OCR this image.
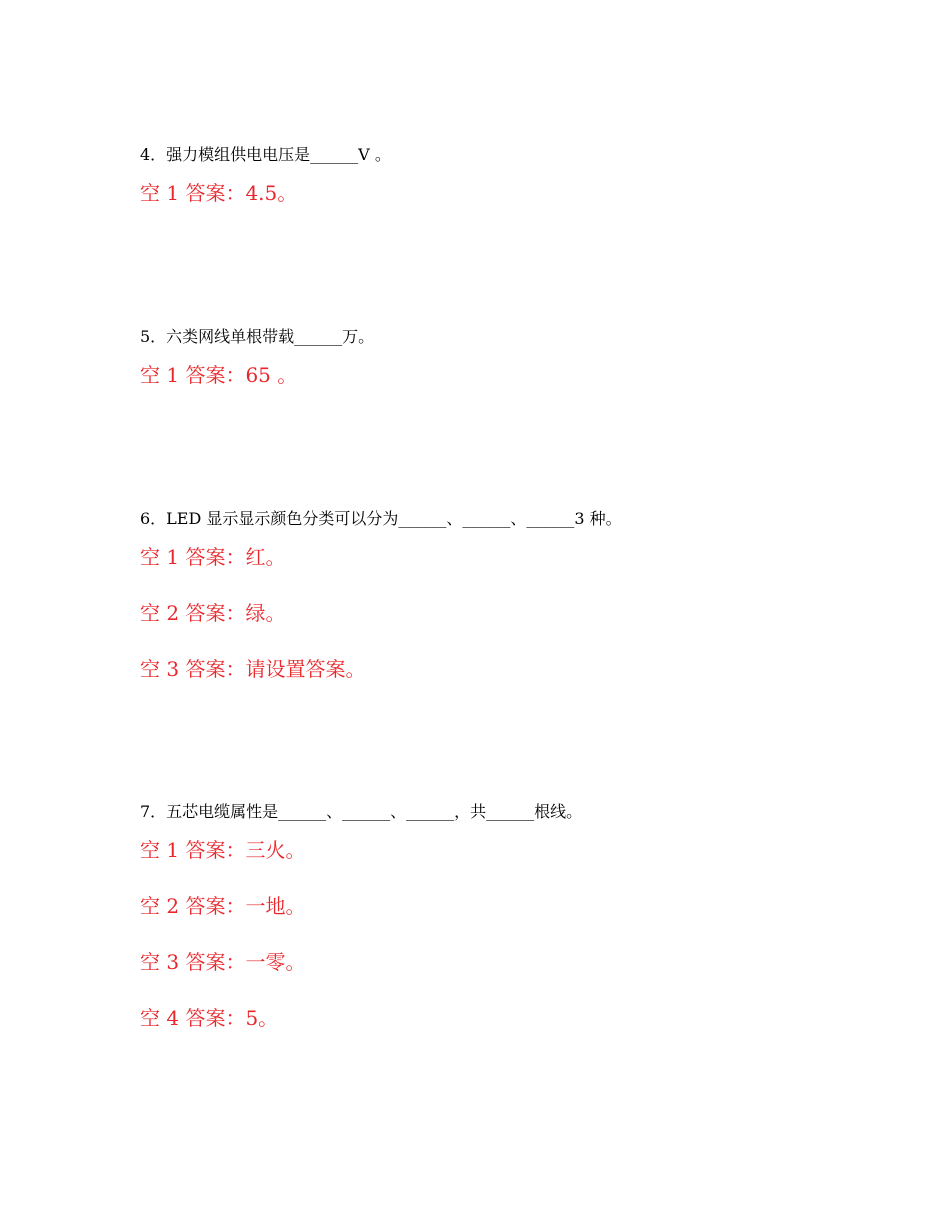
4．强力模组供电电压是______V 。
空 1 答案：4.5。
5．六类网线单根带载______万。
空 1 答案：65 。
6．LED 显示显示颜色分类可以分为______、______、______3 种。
空 1 答案：红。
空 2 答案：绿。
空 3 答案：请设置答案。
7．五芯电缆属性是______、______、______，共______根线。
空 1 答案：三火。
空 2 答案：一地。
空 3 答案：一零。
空 4 答案：5。
